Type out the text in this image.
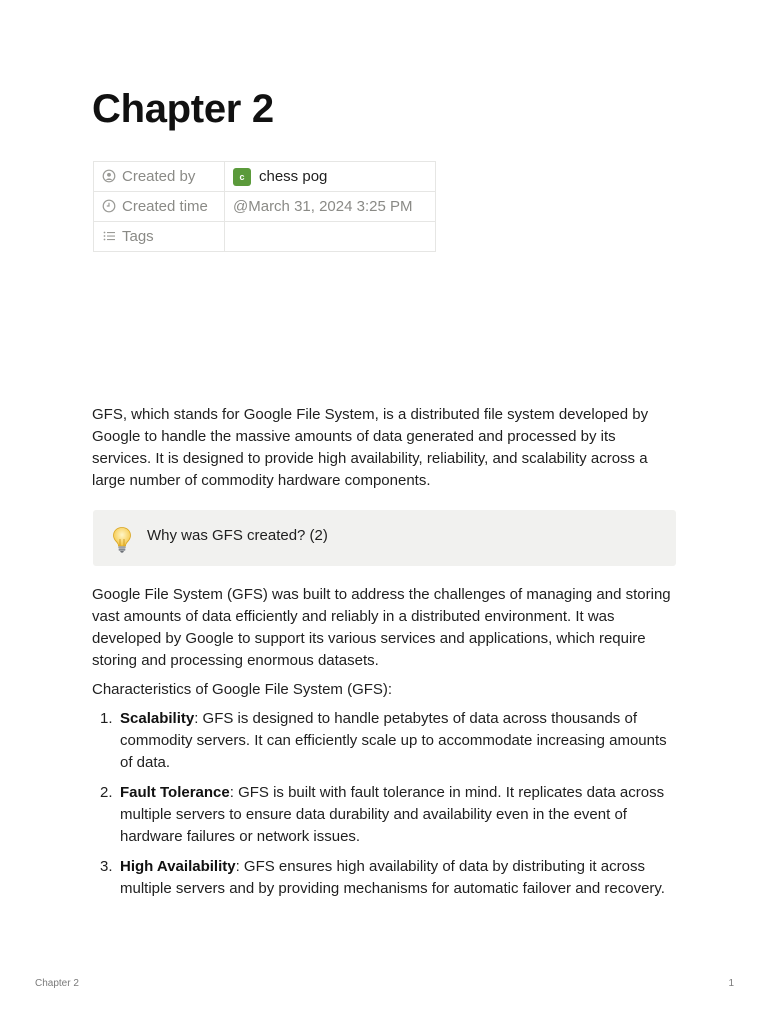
Chapter 2
Created by	c chess pog
Created time	@March 31, 2024 3:25 PM
Tags	

GFS, which stands for Google File System, is a distributed file system developed by Google to handle the massive amounts of data generated and processed by its services. It is designed to provide high availability, reliability, and scalability across a large number of commodity hardware components.

Why was GFS created? (2)

Google File System (GFS) was built to address the challenges of managing and storing vast amounts of data efficiently and reliably in a distributed environment. It was developed by Google to support its various services and applications, which require storing and processing enormous datasets.

Characteristics of Google File System (GFS):

1. Scalability: GFS is designed to handle petabytes of data across thousands of commodity servers. It can efficiently scale up to accommodate increasing amounts of data.
2. Fault Tolerance: GFS is built with fault tolerance in mind. It replicates data across multiple servers to ensure data durability and availability even in the event of hardware failures or network issues.
3. High Availability: GFS ensures high availability of data by distributing it across multiple servers and by providing mechanisms for automatic failover and recovery.
Chapter 2	1
